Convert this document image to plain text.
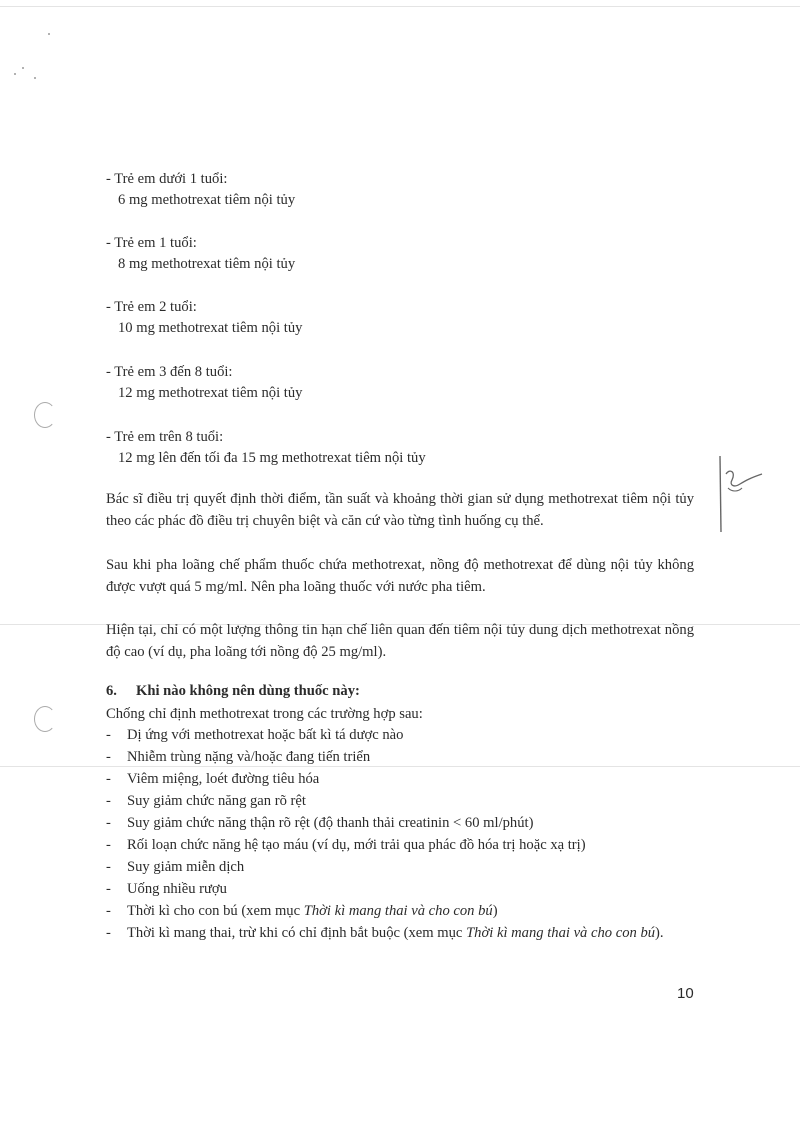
- Trẻ em dưới 1 tuổi:
6 mg methotrexat tiêm nội tủy
- Trẻ em 1 tuổi:
8 mg methotrexat tiêm nội tủy
- Trẻ em 2 tuổi:
10 mg methotrexat tiêm nội tủy
- Trẻ em 3 đến 8 tuổi:
12 mg methotrexat tiêm nội tủy
- Trẻ em trên 8 tuổi:
12 mg lên đến tối đa 15 mg methotrexat tiêm nội tủy
Bác sĩ điều trị quyết định thời điểm, tần suất và khoảng thời gian sử dụng methotrexat tiêm nội tủy theo các phác đồ điều trị chuyên biệt và căn cứ vào từng tình huống cụ thể.
Sau khi pha loãng chế phẩm thuốc chứa methotrexat, nồng độ methotrexat để dùng nội tủy không được vượt quá 5 mg/ml. Nên pha loãng thuốc với nước pha tiêm.
Hiện tại, chỉ có một lượng thông tin hạn chế liên quan đến tiêm nội tủy dung dịch methotrexat nồng độ cao (ví dụ, pha loãng tới nồng độ 25 mg/ml).
6. Khi nào không nên dùng thuốc này:
Chống chỉ định methotrexat trong các trường hợp sau:
- Dị ứng với methotrexat hoặc bất kì tá dược nào
- Nhiễm trùng nặng và/hoặc đang tiến triển
- Viêm miệng, loét đường tiêu hóa
- Suy giảm chức năng gan rõ rệt
- Suy giảm chức năng thận rõ rệt (độ thanh thải creatinin < 60 ml/phút)
- Rối loạn chức năng hệ tạo máu (ví dụ, mới trải qua phác đồ hóa trị hoặc xạ trị)
- Suy giảm miễn dịch
- Uống nhiều rượu
- Thời kì cho con bú (xem mục Thời kì mang thai và cho con bú)
- Thời kì mang thai, trừ khi có chỉ định bắt buộc (xem mục Thời kì mang thai và cho con bú).
10
